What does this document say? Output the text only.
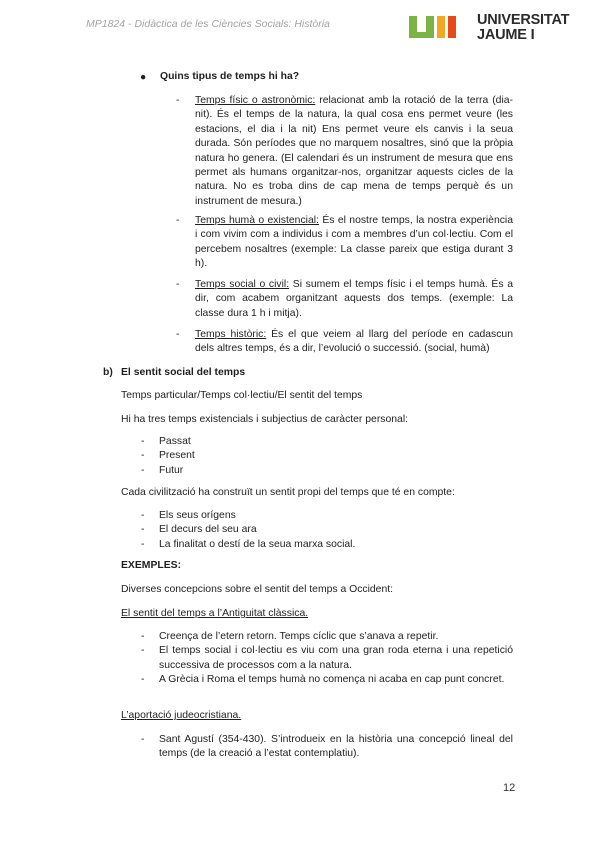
MP1824 - Didàctica de les Ciències Socials: Història	UNIVERSITAT
JAUME I
● Quins tipus de temps hi ha?
- Temps físic o astronòmic: relacionat amb la rotació de la terra (dia-nit). És el temps de la natura, la qual cosa ens permet veure (les estacions, el dia i la nit) Ens permet veure els canvis i la seua durada. Són períodes que no marquem nosaltres, sinó que la pròpia natura ho genera. (El calendari és un instrument de mesura que ens permet als humans organitzar-nos, organitzar aquests cicles de la natura. No es troba dins de cap mena de temps perquè és un instrument de mesura.)
- Temps humà o existencial: És el nostre temps, la nostra experiència i com vivim com a individus i com a membres d’un col·lectiu. Com el percebem nosaltres (exemple: La classe pareix que estiga durant 3 h).
- Temps social o civil: Si sumem el temps físic i el temps humà. És a dir, com acabem organitzant aquests dos temps. (exemple: La classe dura 1 h i mitja).
- Temps històric: És el que veiem al llarg del període en cadascun dels altres temps, és a dir, l’evolució o successió. (social, humà)
b) El sentit social del temps
Temps particular/Temps col·lectiu/El sentit del temps
Hi ha tres temps existencials i subjectius de caràcter personal:
- Passat
- Present
- Futur
Cada civilització ha construït un sentit propi del temps que té en compte:
- Els seus orígens
- El decurs del seu ara
- La finalitat o destí de la seua marxa social.
EXEMPLES:
Diverses concepcions sobre el sentit del temps a Occident:
El sentit del temps a l’Antiguitat clàssica.
- Creença de l’etern retorn. Temps cíclic que s’anava a repetir.
- El temps social i col·lectiu es viu com una gran roda eterna i una repetició successiva de processos com a la natura.
- A Grècia i Roma el temps humà no comença ni acaba en cap punt concret.
L’aportació judeocristiana.
- Sant Agustí (354-430). S’introdueix en la història una concepció lineal del temps (de la creació a l’estat contemplatiu).
12
